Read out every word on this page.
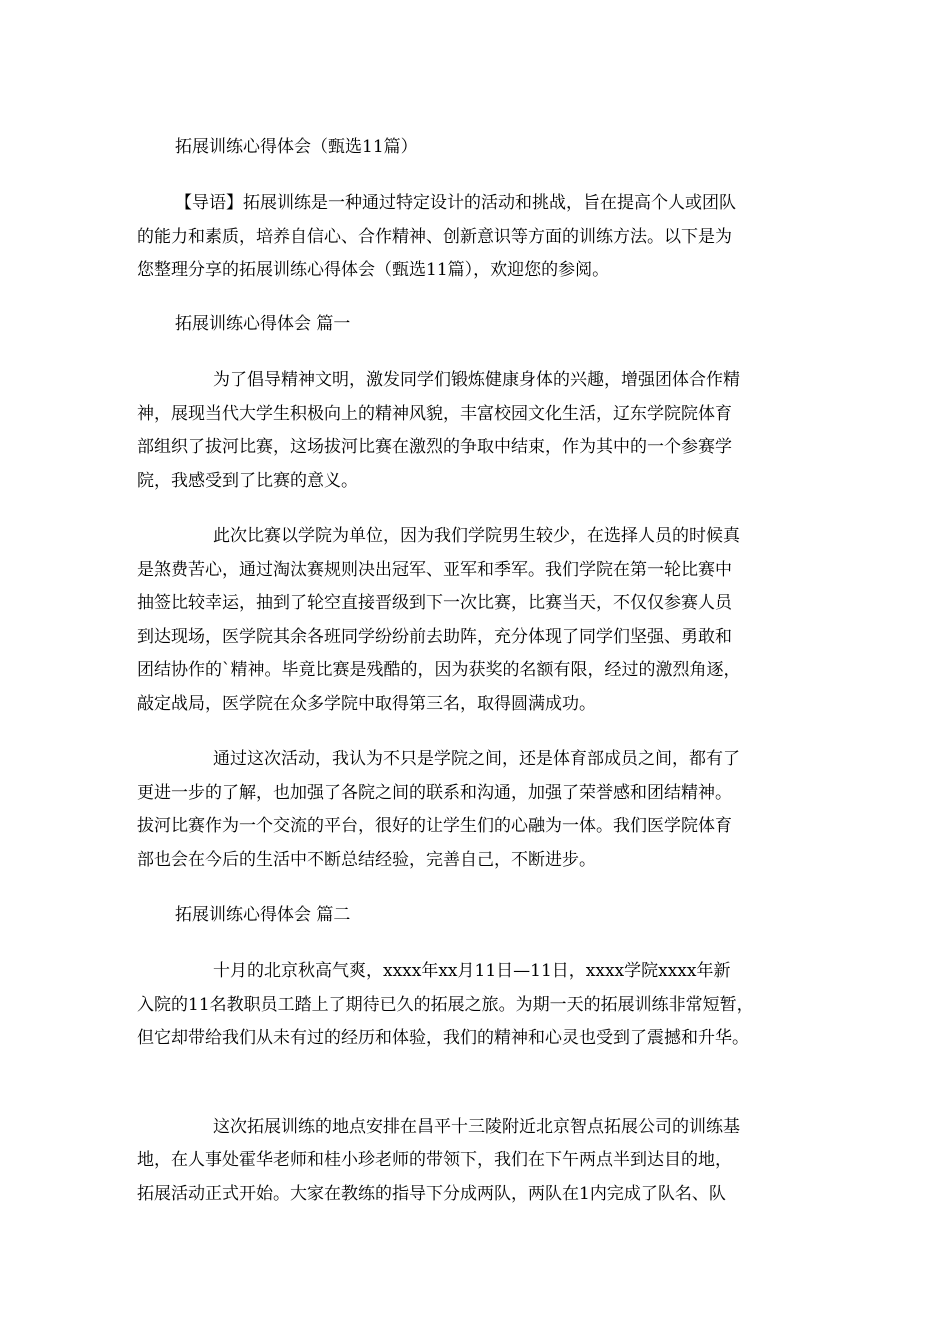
拓展训练心得体会（甄选11篇）
【导语】拓展训练是一种通过特定设计的活动和挑战，旨在提高个人或团队
的能力和素质，培养自信心、合作精神、创新意识等方面的训练方法。以下是为
您整理分享的拓展训练心得体会（甄选11篇），欢迎您的参阅。
拓展训练心得体会 篇一
为了倡导精神文明，激发同学们锻炼健康身体的兴趣，增强团体合作精
神，展现当代大学生积极向上的精神风貌，丰富校园文化生活，辽东学院院体育
部组织了拔河比赛，这场拔河比赛在激烈的争取中结束，作为其中的一个参赛学
院，我感受到了比赛的意义。
此次比赛以学院为单位，因为我们学院男生较少，在选择人员的时候真
是煞费苦心，通过淘汰赛规则决出冠军、亚军和季军。我们学院在第一轮比赛中
抽签比较幸运，抽到了轮空直接晋级到下一次比赛，比赛当天，不仅仅参赛人员
到达现场，医学院其余各班同学纷纷前去助阵，充分体现了同学们坚强、勇敢和
团结协作的`精神。毕竟比赛是残酷的，因为获奖的名额有限，经过的激烈角逐，
敲定战局，医学院在众多学院中取得第三名，取得圆满成功。
通过这次活动，我认为不只是学院之间，还是体育部成员之间，都有了
更进一步的了解，也加强了各院之间的联系和沟通，加强了荣誉感和团结精神。
拔河比赛作为一个交流的平台，很好的让学生们的心融为一体。我们医学院体育
部也会在今后的生活中不断总结经验，完善自己，不断进步。
拓展训练心得体会 篇二
十月的北京秋高气爽，xxxx年xx月11日—11日，xxxx学院xxxx年新
入院的11名教职员工踏上了期待已久的拓展之旅。为期一天的拓展训练非常短暂，
但它却带给我们从未有过的经历和体验，我们的精神和心灵也受到了震撼和升华。
这次拓展训练的地点安排在昌平十三陵附近北京智点拓展公司的训练基
地，在人事处霍华老师和桂小珍老师的带领下，我们在下午两点半到达目的地，
拓展活动正式开始。大家在教练的指导下分成两队，两队在1内完成了队名、队
